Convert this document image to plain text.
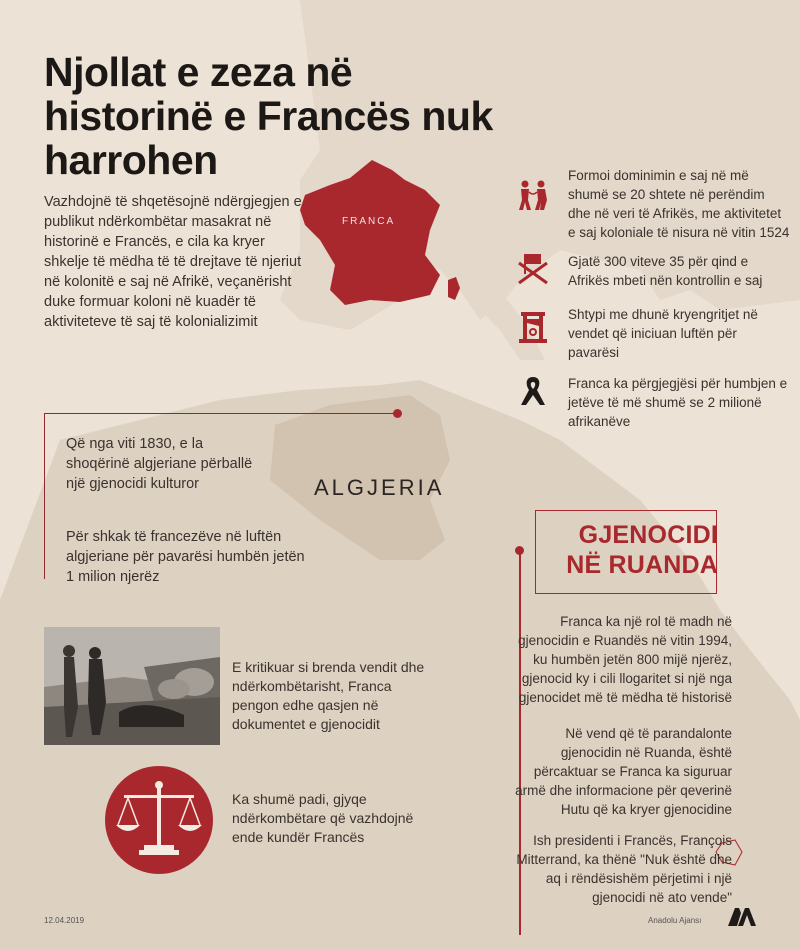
FRANCA
Njollat e zeza në historinë e Francës nuk harrohen
Vazhdojnë të shqetësojnë ndërgjegjen e publikut ndërkombëtar masakrat në historinë e Francës, e cila ka kryer shkelje të mëdha të të drejtave të njeriut në kolonitë e saj në Afrikë, veçanërisht duke formuar koloni në kuadër të aktiviteteve të saj të kolonializimit
Formoi dominimin e saj në më shumë se 20 shtete në perëndim dhe në veri të Afrikës, me aktivitetet e saj koloniale të nisura në vitin 1524
Gjatë 300 viteve 35 për qind e Afrikës mbeti nën kontrollin e saj
Shtypi me dhunë kryengritjet në vendet që iniciuan luftën për pavarësi
Franca ka përgjegjësi për humbjen e jetëve të më shumë se 2 milionë afrikanëve
Që nga viti 1830, e la shoqërinë algjeriane përballë një gjenocidi kulturor
Për shkak të francezëve në luftën algjeriane për pavarësi humbën jetën 1 milion njerëz
ALGJERIA
E kritikuar si brenda vendit dhe ndërkombëtarisht, Franca pengon edhe qasjen në dokumentet e gjenocidit
Ka shumë padi, gjyqe ndërkombëtare që vazhdojnë ende kundër Francës
GJENOCIDI
NË RUANDA
Franca ka një rol të madh në gjenocidin e Ruandës në vitin 1994, ku humbën jetën 800 mijë njerëz, gjenocid ky i cili llogaritet si një nga gjenocidet më të mëdha të historisë
Në vend që të parandalonte gjenocidin në Ruanda, është përcaktuar se Franca ka siguruar armë dhe informacione për qeverinë Hutu që ka kryer gjenocidine
Ish presidenti i Francës, François Mitterrand, ka thënë "Nuk është dhe aq i rëndësishëm përjetimi i një gjenocidi në ato vende"
12.04.2019	Anadolu Ajansı
